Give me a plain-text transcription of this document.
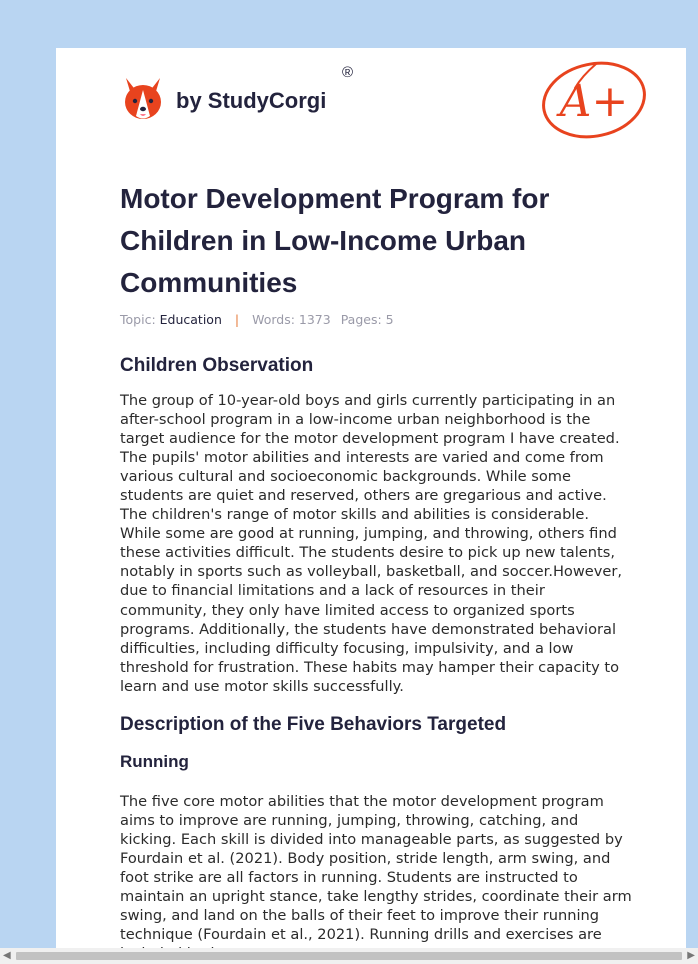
by StudyCorgi
®
A+
Motor Development Program for Children in Low-Income Urban Communities
Topic: Education | Words: 1373 Pages: 5
Children Observation

The group of 10-year-old boys and girls currently participating in an after-school program in a low-income urban neighborhood is the target audience for the motor development program I have created. The pupils' motor abilities and interests are varied and come from various cultural and socioeconomic backgrounds. While some students are quiet and reserved, others are gregarious and active. The children's range of motor skills and abilities is considerable. While some are good at running, jumping, and throwing, others find these activities difficult. The students desire to pick up new talents, notably in sports such as volleyball, basketball, and soccer.However, due to financial limitations and a lack of resources in their community, they only have limited access to organized sports programs. Additionally, the students have demonstrated behavioral difficulties, including difficulty focusing, impulsivity, and a low threshold for frustration. These habits may hamper their capacity to learn and use motor skills successfully.

Description of the Five Behaviors Targeted
Running

The five core motor abilities that the motor development program aims to improve are running, jumping, throwing, catching, and kicking. Each skill is divided into manageable parts, as suggested by Fourdain et al. (2021). Body position, stride length, arm swing, and foot strike are all factors in running. Students are instructed to maintain an upright stance, take lengthy strides, coordinate their arm swing, and land on the balls of their feet to improve their running technique (Fourdain et al., 2021). Running drills and exercises are

◀	▶
